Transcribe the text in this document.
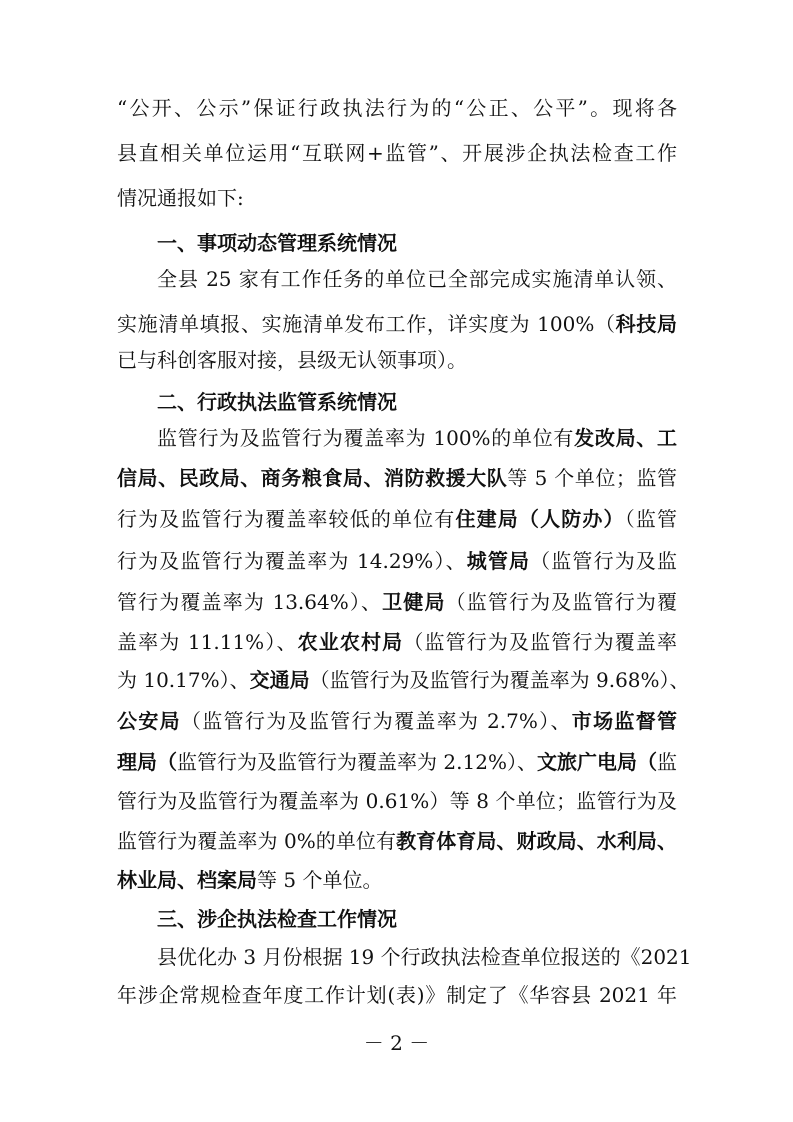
“公开、公示”保证行政执法行为的“公正、公平”。现将各
县直相关单位运用“互联网+监管”、开展涉企执法检查工作
情况通报如下:
一、事项动态管理系统情况
全县 25 家有工作任务的单位已全部完成实施清单认领、
实施清单填报、实施清单发布工作，详实度为 100%（科技局
已与科创客服对接，县级无认领事项）。
二、行政执法监管系统情况
监管行为及监管行为覆盖率为 100%的单位有发改局、工
信局、民政局、商务粮食局、消防救援大队等 5 个单位；监管
行为及监管行为覆盖率较低的单位有住建局（人防办）（监管
行为及监管行为覆盖率为 14.29%）、城管局（监管行为及监
管行为覆盖率为 13.64%）、卫健局（监管行为及监管行为覆
盖率为 11.11%）、农业农村局（监管行为及监管行为覆盖率
为 10.17%）、交通局（监管行为及监管行为覆盖率为 9.68%）、
公安局（监管行为及监管行为覆盖率为 2.7%）、市场监督管
理局（监管行为及监管行为覆盖率为 2.12%）、文旅广电局（监
管行为及监管行为覆盖率为 0.61%）等 8 个单位；监管行为及
监管行为覆盖率为 0%的单位有教育体育局、财政局、水利局、
林业局、档案局等 5 个单位。
三、涉企执法检查工作情况
县优化办 3 月份根据 19 个行政执法检查单位报送的《2021
年涉企常规检查年度工作计划(表)》制定了《华容县 2021 年
－ 2 －
